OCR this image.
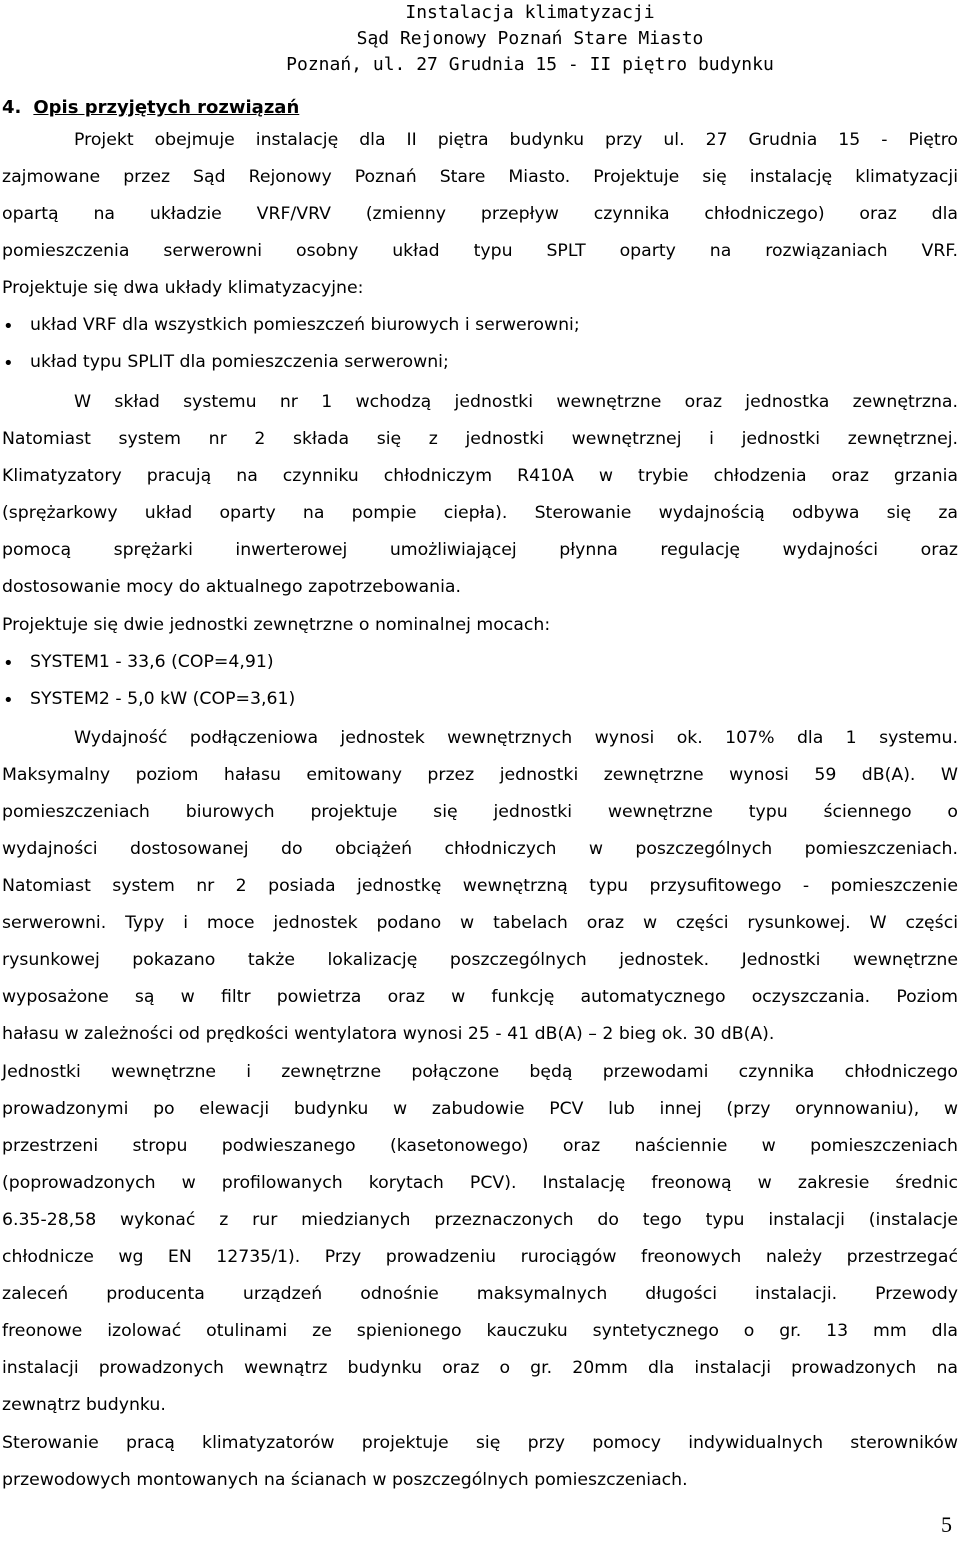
Instalacja klimatyzacji
Sąd Rejonowy Poznań Stare Miasto
Poznań, ul. 27 Grudnia 15 - II piętro budynku
4. Opis przyjętych rozwiązań
Projekt obejmuje instalację dla II piętra budynku przy ul. 27 Grudnia 15 - Piętro
zajmowane przez Sąd Rejonowy Poznań Stare Miasto. Projektuje się instalację klimatyzacji
opartą na układzie VRF/VRV (zmienny przepływ czynnika chłodniczego) oraz dla
pomieszczenia serwerowni osobny układ typu SPLT oparty na rozwiązaniach VRF.
Projektuje się dwa układy klimatyzacyjne:
• układ VRF dla wszystkich pomieszczeń biurowych i serwerowni;
• układ typu SPLIT dla pomieszczenia serwerowni;
W skład systemu nr 1 wchodzą jednostki wewnętrzne oraz jednostka zewnętrzna.
Natomiast system nr 2 składa się z jednostki wewnętrznej i jednostki zewnętrznej.
Klimatyzatory pracują na czynniku chłodniczym R410A w trybie chłodzenia oraz grzania
(sprężarkowy układ oparty na pompie ciepła). Sterowanie wydajnością odbywa się za
pomocą sprężarki inwerterowej umożliwiającej płynna regulację wydajności oraz
dostosowanie mocy do aktualnego zapotrzebowania.
Projektuje się dwie jednostki zewnętrzne o nominalnej mocach:
• SYSTEM1 - 33,6 (COP=4,91)
• SYSTEM2 - 5,0 kW (COP=3,61)
Wydajność podłączeniowa jednostek wewnętrznych wynosi ok. 107% dla 1 systemu.
Maksymalny poziom hałasu emitowany przez jednostki zewnętrzne wynosi 59 dB(A). W
pomieszczeniach biurowych projektuje się jednostki wewnętrzne typu ściennego o
wydajności dostosowanej do obciążeń chłodniczych w poszczególnych pomieszczeniach.
Natomiast system nr 2 posiada jednostkę wewnętrzną typu przysufitowego - pomieszczenie
serwerowni. Typy i moce jednostek podano w tabelach oraz w części rysunkowej. W części
rysunkowej pokazano także lokalizację poszczególnych jednostek. Jednostki wewnętrzne
wyposażone są w filtr powietrza oraz w funkcję automatycznego oczyszczania. Poziom
hałasu w zależności od prędkości wentylatora wynosi 25 - 41 dB(A) – 2 bieg ok. 30 dB(A).
Jednostki wewnętrzne i zewnętrzne połączone będą przewodami czynnika chłodniczego
prowadzonymi po elewacji budynku w zabudowie PCV lub innej (przy orynnowaniu), w
przestrzeni stropu podwieszanego (kasetonowego) oraz naściennie w pomieszczeniach
(poprowadzonych w profilowanych korytach PCV). Instalację freonową w zakresie średnic
6.35-28,58 wykonać z rur miedzianych przeznaczonych do tego typu instalacji (instalacje
chłodnicze wg EN 12735/1). Przy prowadzeniu rurociągów freonowych należy przestrzegać
zaleceń producenta urządzeń odnośnie maksymalnych długości instalacji. Przewody
freonowe izolować otulinami ze spienionego kauczuku syntetycznego o gr. 13 mm dla
instalacji prowadzonych wewnątrz budynku oraz o gr. 20mm dla instalacji prowadzonych na
zewnątrz budynku.
Sterowanie pracą klimatyzatorów projektuje się przy pomocy indywidualnych sterowników
przewodowych montowanych na ścianach w poszczególnych pomieszczeniach.
5
